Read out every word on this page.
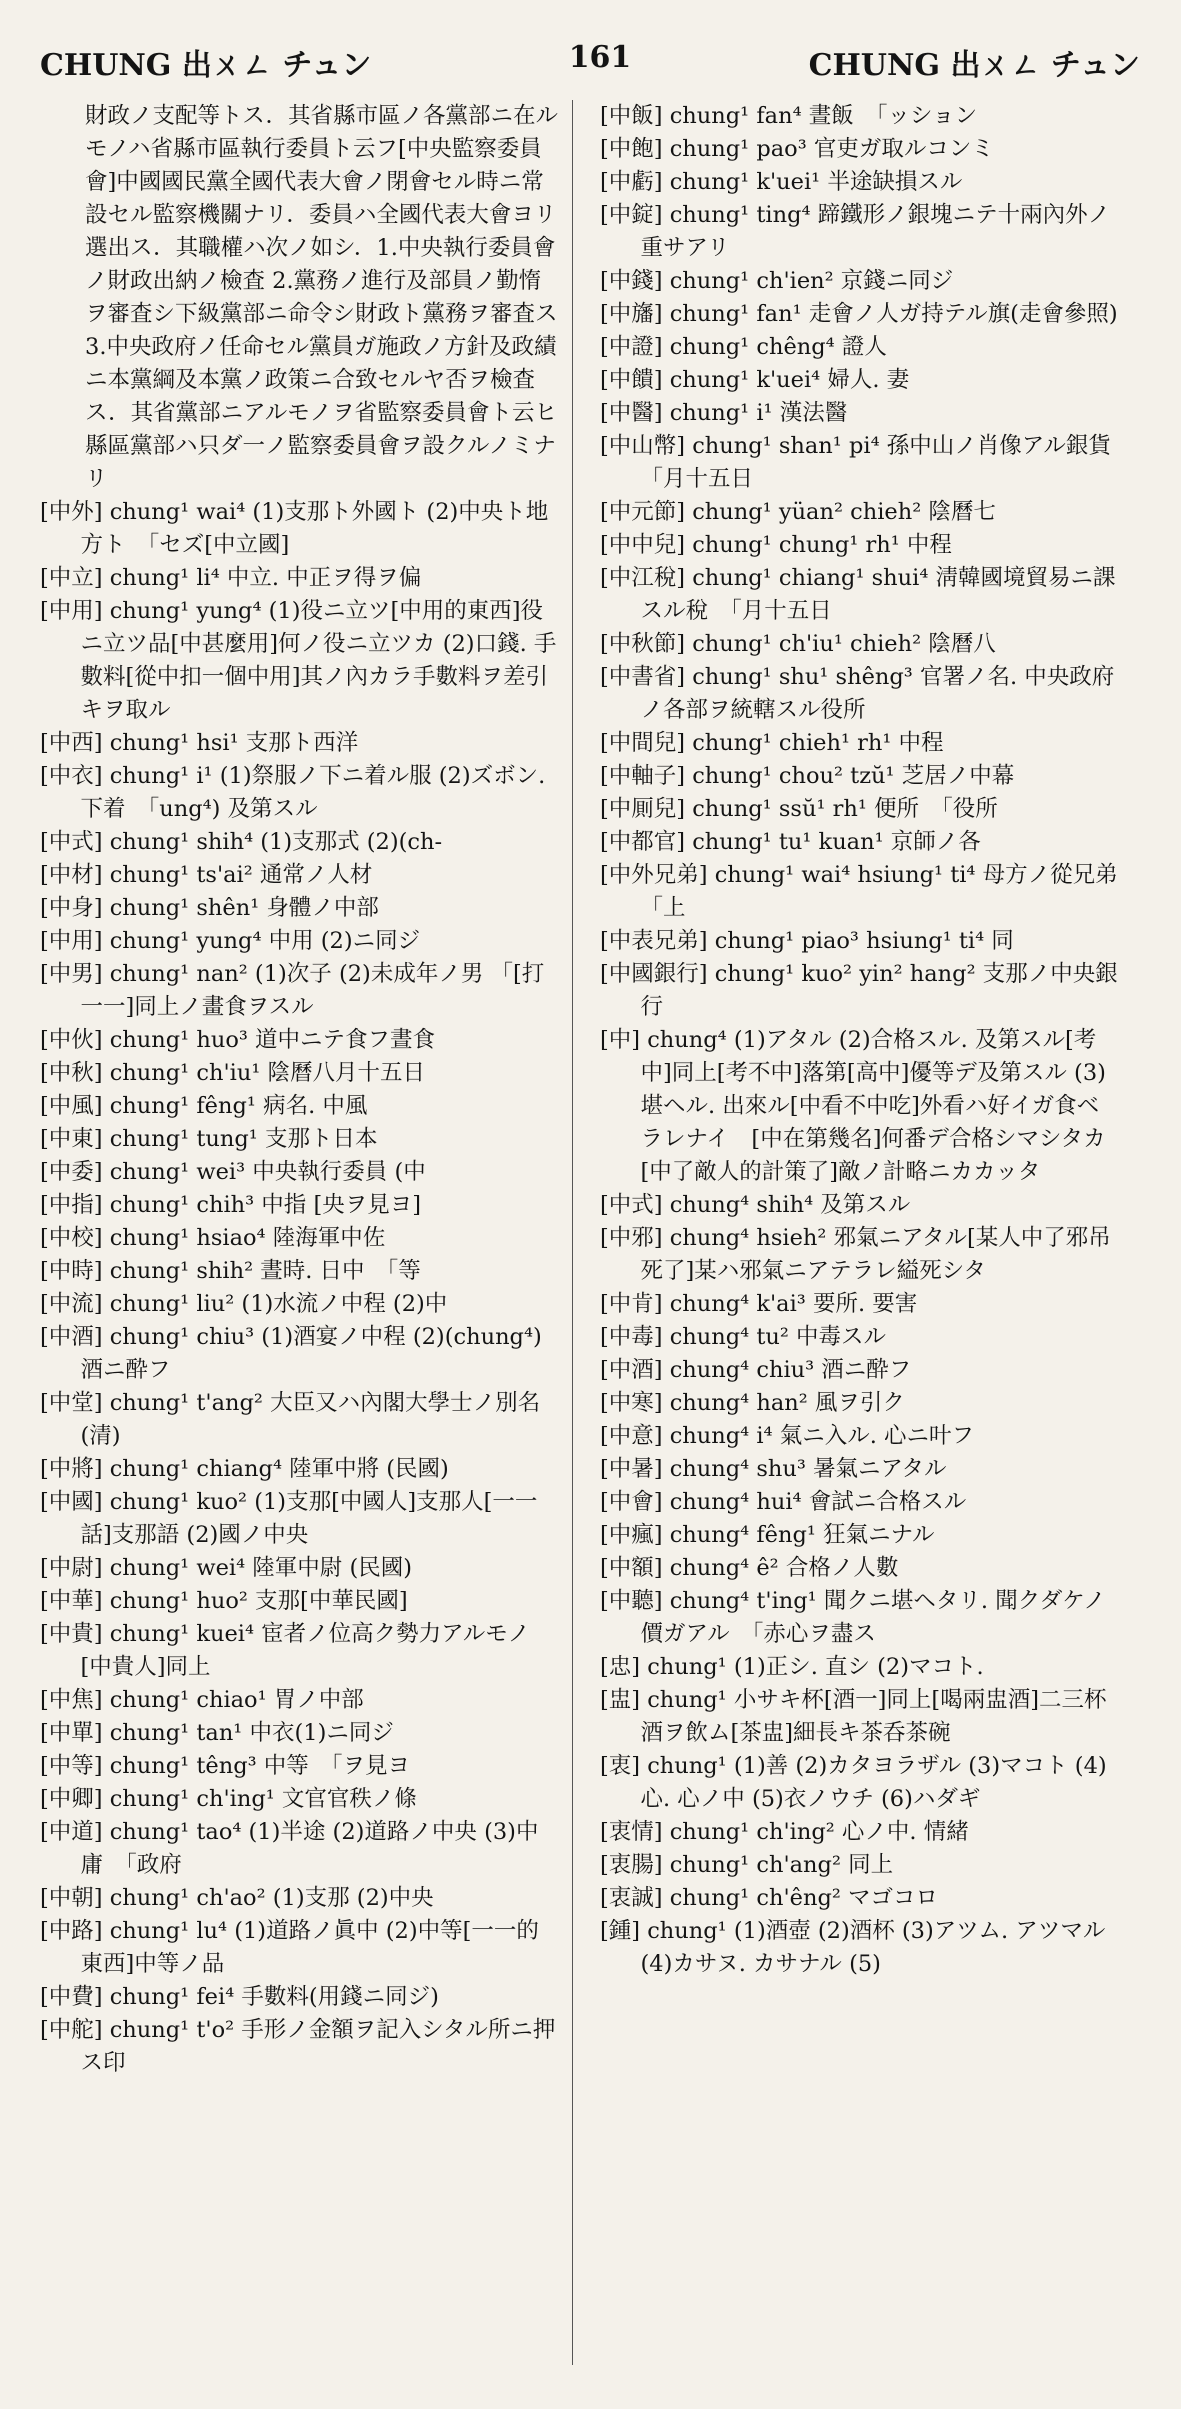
CHUNG 出ㄨㄥ チュン	161	CHUNG 出ㄨㄥ チュン

財政ノ支配等トス．其省縣市區ノ各黨部ニ在ルモノハ省縣市區執行委員ト云フ[中央監察委員會]中國國民黨全國代表大會ノ閉會セル時ニ常設セル監察機關ナリ．委員ハ全國代表大會ヨリ選出ス．其職權ハ次ノ如シ．1.中央執行委員會ノ財政出納ノ檢査 2.黨務ノ進行及部員ノ勤惰ヲ審査シ下級黨部ニ命令シ財政ト黨務ヲ審査ス 3.中央政府ノ任命セル黨員ガ施政ノ方針及政績ニ本黨綱及本黨ノ政策ニ合致セルヤ否ヲ檢査ス．其省黨部ニアルモノヲ省監察委員會ト云ヒ縣區黨部ハ只ダ一ノ監察委員會ヲ設クルノミナリ

[中外] chung¹ wai⁴ (1)支那ト外國ト (2)中央ト地方ト　「セズ[中立國]

[中立] chung¹ li⁴ 中立. 中正ヲ得ヲ偏

[中用] chung¹ yung⁴ (1)役ニ立ツ[中用的東西]役ニ立ツ品[中甚麼用]何ノ役ニ立ツカ (2)口錢. 手數料[從中扣一個中用]其ノ內カラ手數料ヲ差引キヲ取ル

[中西] chung¹ hsi¹ 支那ト西洋

[中衣] chung¹ i¹ (1)祭服ノ下ニ着ル服 (2)ズボン. 下着　「ung⁴) 及第スル

[中式] chung¹ shih⁴ (1)支那式 (2)(ch-

[中材] chung¹ ts'ai² 通常ノ人材

[中身] chung¹ shên¹ 身體ノ中部

[中用] chung¹ yung⁴ 中用 (2)ニ同ジ

[中男] chung¹ nan² (1)次子 (2)未成年ノ男 「[打一一]同上ノ畫食ヲスル

[中伙] chung¹ huo³ 道中ニテ食フ晝食

[中秋] chung¹ ch'iu¹ 陰曆八月十五日

[中風] chung¹ fêng¹ 病名. 中風

[中東] chung¹ tung¹ 支那ト日本

[中委] chung¹ wei³ 中央執行委員 (中

[中指] chung¹ chih³ 中指 [央ヲ見ヨ]

[中校] chung¹ hsiao⁴ 陸海軍中佐

[中時] chung¹ shih² 晝時. 日中　「等

[中流] chung¹ liu² (1)水流ノ中程 (2)中

[中酒] chung¹ chiu³ (1)酒宴ノ中程 (2)(chung⁴) 酒ニ酔フ

[中堂] chung¹ t'ang² 大臣又ハ內閣大學士ノ別名(清)

[中將] chung¹ chiang⁴ 陸軍中將 (民國)

[中國] chung¹ kuo² (1)支那[中國人]支那人[一一話]支那語 (2)國ノ中央

[中尉] chung¹ wei⁴ 陸軍中尉 (民國)

[中華] chung¹ huo² 支那[中華民國]

[中貴] chung¹ kuei⁴ 宦者ノ位高ク勢力アルモノ[中貴人]同上

[中焦] chung¹ chiao¹ 胃ノ中部

[中單] chung¹ tan¹ 中衣(1)ニ同ジ

[中等] chung¹ têng³ 中等　「ヲ見ヨ

[中卿] chung¹ ch'ing¹ 文官官秩ノ條

[中道] chung¹ tao⁴ (1)半途 (2)道路ノ中央 (3)中庸　「政府

[中朝] chung¹ ch'ao² (1)支那 (2)中央

[中路] chung¹ lu⁴ (1)道路ノ眞中 (2)中等[一一的東西]中等ノ品

[中費] chung¹ fei⁴ 手數料(用錢ニ同ジ)

[中舵] chung¹ t'o² 手形ノ金額ヲ記入シタル所ニ押ス印

[中飯] chung¹ fan⁴ 晝飯　「ッション

[中飽] chung¹ pao³ 官吏ガ取ルコンミ

[中虧] chung¹ k'uei¹ 半途缺損スル

[中錠] chung¹ ting⁴ 蹄鐵形ノ銀塊ニテ十兩內外ノ重サアリ

[中錢] chung¹ ch'ien² 京錢ニ同ジ

[中旛] chung¹ fan¹ 走會ノ人ガ持テル旗(走會參照)

[中證] chung¹ chêng⁴ 證人

[中饋] chung¹ k'uei⁴ 婦人. 妻

[中醫] chung¹ i¹ 漢法醫

[中山幣] chung¹ shan¹ pi⁴ 孫中山ノ肖像アル銀貨　「月十五日

[中元節] chung¹ yüan² chieh² 陰曆七

[中中兒] chung¹ chung¹ rh¹ 中程

[中江稅] chung¹ chiang¹ shui⁴ 淸韓國境貿易ニ課スル稅　「月十五日

[中秋節] chung¹ ch'iu¹ chieh² 陰曆八

[中書省] chung¹ shu¹ shêng³ 官署ノ名. 中央政府ノ各部ヲ統轄スル役所

[中間兒] chung¹ chieh¹ rh¹ 中程

[中軸子] chung¹ chou² tzŭ¹ 芝居ノ中幕

[中厠兒] chung¹ ssŭ¹ rh¹ 便所　「役所

[中都官] chung¹ tu¹ kuan¹ 京師ノ各

[中外兄弟] chung¹ wai⁴ hsiung¹ ti⁴ 母方ノ從兄弟　「上

[中表兄弟] chung¹ piao³ hsiung¹ ti⁴ 同

[中國銀行] chung¹ kuo² yin² hang² 支那ノ中央銀行

[中] chung⁴ (1)アタル (2)合格スル. 及第スル[考中]同上[考不中]落第[高中]優等デ及第スル (3)堪ヘル. 出來ル[中看不中吃]外看ハ好イガ食ベラレナイ　[中在第幾名]何番デ合格シマシタカ[中了敵人的計策了]敵ノ計略ニカカッタ

[中式] chung⁴ shih⁴ 及第スル

[中邪] chung⁴ hsieh² 邪氣ニアタル[某人中了邪吊死了]某ハ邪氣ニアテラレ縊死シタ

[中肯] chung⁴ k'ai³ 要所. 要害

[中毒] chung⁴ tu² 中毒スル

[中酒] chung⁴ chiu³ 酒ニ酔フ

[中寒] chung⁴ han² 風ヲ引ク

[中意] chung⁴ i⁴ 氣ニ入ル. 心ニ叶フ

[中暑] chung⁴ shu³ 暑氣ニアタル

[中會] chung⁴ hui⁴ 會試ニ合格スル

[中瘋] chung⁴ fêng¹ 狂氣ニナル

[中額] chung⁴ ê² 合格ノ人數

[中聽] chung⁴ t'ing¹ 聞クニ堪ヘタリ. 聞クダケノ價ガアル　「赤心ヲ盡ス

[忠] chung¹ (1)正シ. 直シ (2)マコト.

[盅] chung¹ 小サキ杯[酒一]同上[喝兩盅酒]二三杯酒ヲ飲ム[茶盅]細長キ茶呑茶碗

[衷] chung¹ (1)善 (2)カタヨラザル (3)マコト (4)心. 心ノ中 (5)衣ノウチ (6)ハダギ

[衷情] chung¹ ch'ing² 心ノ中. 情緒

[衷腸] chung¹ ch'ang² 同上

[衷誠] chung¹ ch'êng² マゴコロ

[鍾] chung¹ (1)酒壺 (2)酒杯 (3)アツム. アツマル (4)カサヌ. カサナル (5)
